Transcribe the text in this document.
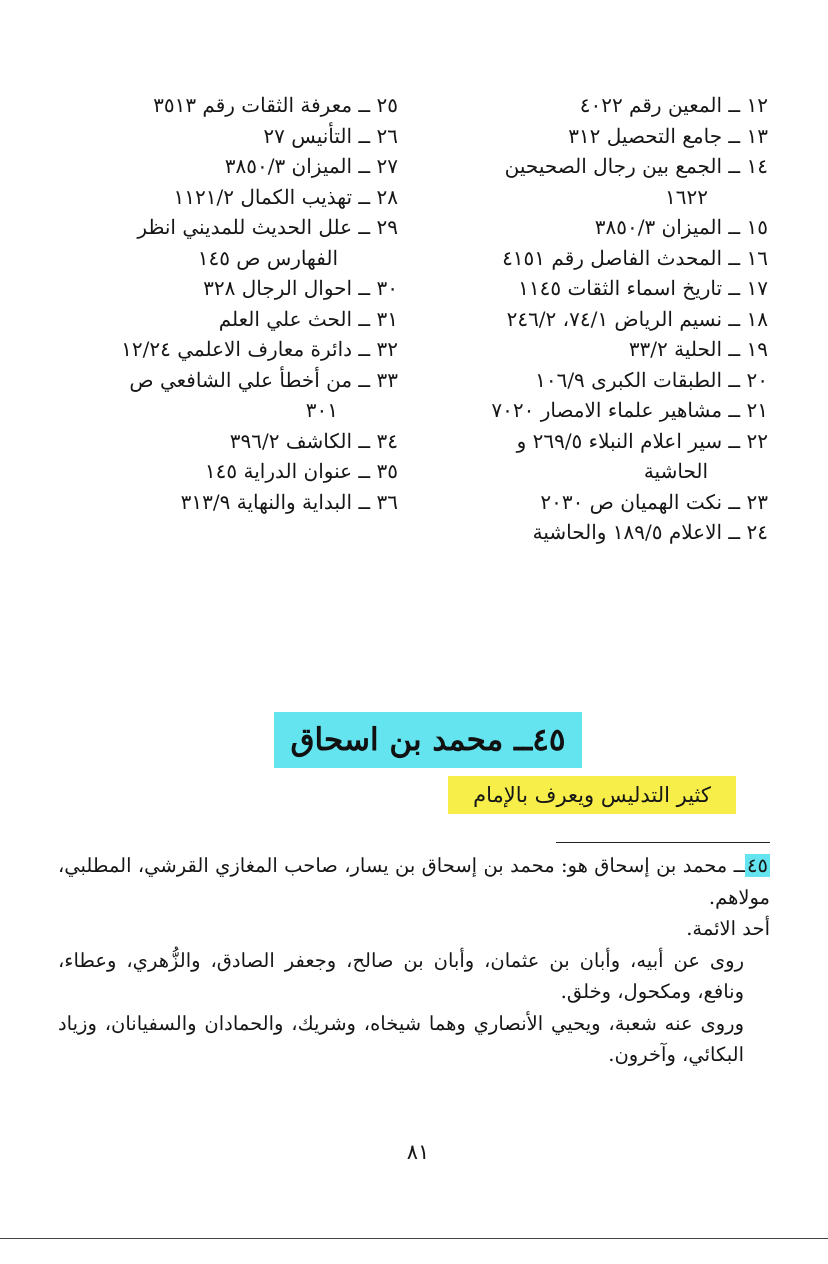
١٢ ــ المعين رقم ٤٠٢٢
١٣ ــ جامع التحصيل ٣١٢
١٤ ــ الجمع بين رجال الصحيحين
١٦٢٢
١٥ ــ الميزان ٣٨٥٠/٣
١٦ ــ المحدث الفاصل رقم ٤١٥١
١٧ ــ تاريخ اسماء الثقات ١١٤٥
١٨ ــ نسيم الرياض ٧٤/١، ٢٤٦/٢
١٩ ــ الحلية ٣٣/٢
٢٠ ــ الطبقات الكبرى ١٠٦/٩
٢١ ــ مشاهير علماء الامصار ٧٠٢٠
٢٢ ــ سير اعلام النبلاء ٢٦٩/٥ و
الحاشية
٢٣ ــ نكت الهميان ص ٢٠٣٠
٢٤ ــ الاعلام ١٨٩/٥ والحاشية
٢٥ ــ معرفة الثقات رقم ٣٥١٣
٢٦ ــ التأنيس ٢٧
٢٧ ــ الميزان ٣٨٥٠/٣
٢٨ ــ تهذيب الكمال ١١٢١/٢
٢٩ ــ علل الحديث للمديني انظر
الفهارس ص ١٤٥
٣٠ ــ احوال الرجال ٣٢٨
٣١ ــ الحث علي العلم
٣٢ ــ دائرة معارف الاعلمي ١٢/٢٤
٣٣ ــ من أخطأ علي الشافعي ص
٣٠١
٣٤ ــ الكاشف ٣٩٦/٢
٣٥ ــ عنوان الدراية ١٤٥
٣٦ ــ البداية والنهاية ٣١٣/٩
٤٥ــ محمد بن اسحاق
كثير التدليس ويعرف بالإمام

٤٥ــ محمد بن إسحاق هو: محمد بن إسحاق بن يسار، صاحب المغازي القرشي، المطلبي، مولاهم.

أحد الائمة.

روى عن أبيه، وأبان بن عثمان، وأبان بن صالح، وجعفر الصادق، والزُّهري، وعطاء، ونافع، ومكحول، وخلق.

وروى عنه شعبة، ويحيي الأنصاري وهما شيخاه، وشريك، والحمادان والسفيانان، وزياد البكائي، وآخرون.

٨١
